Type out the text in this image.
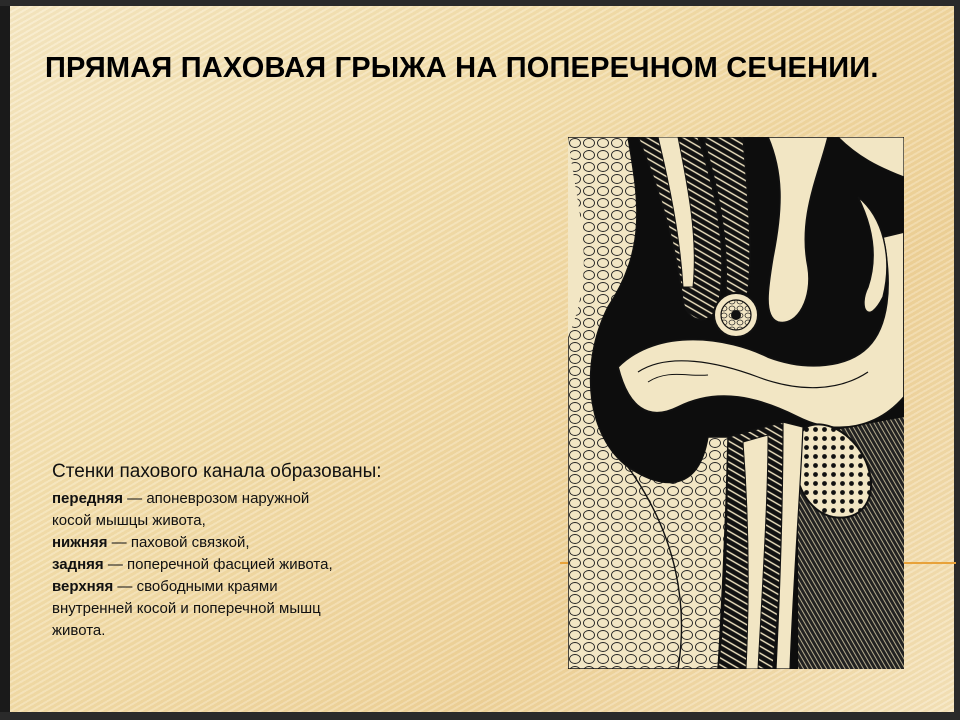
ПРЯМАЯ ПАХОВАЯ ГРЫЖА НА ПОПЕРЕЧНОМ СЕЧЕНИИ.
Стенки пахового канала образованы:
передняя — апоневрозом наружной
косой мышцы живота,
нижняя — паховой связкой,
задняя — поперечной фасцией живота,
верхняя — свободными краями
внутренней косой и поперечной мышц
живота.
